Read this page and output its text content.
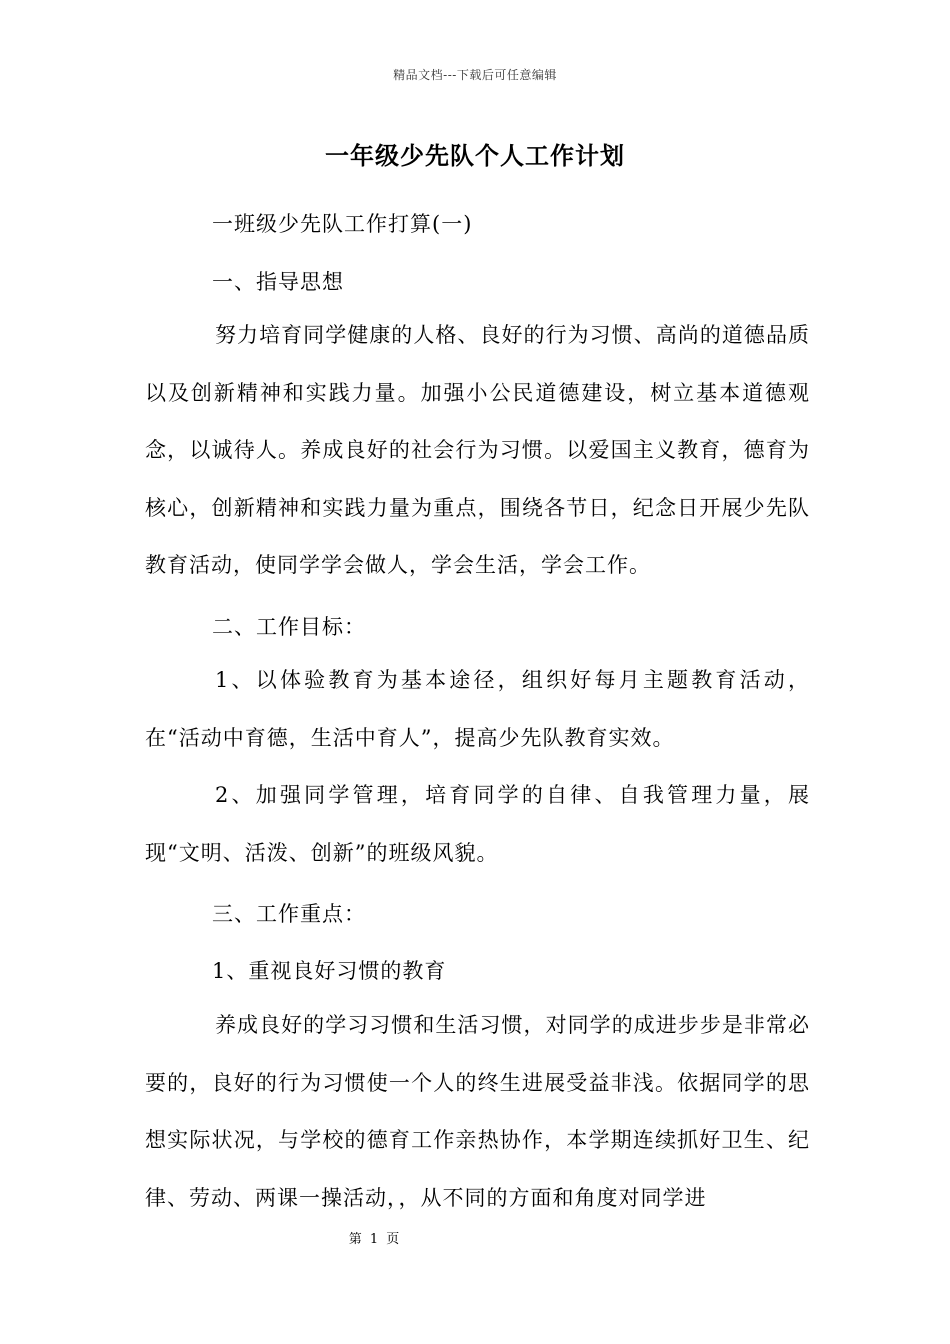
精品文档---下载后可任意编辑
一年级少先队个人工作计划
一班级少先队工作打算(一)
一、指导思想
努力培育同学健康的人格、良好的行为习惯、高尚的道德品质以及创新精神和实践力量。加强小公民道德建设，树立基本道德观念，以诚待人。养成良好的社会行为习惯。以爱国主义教育，德育为核心，创新精神和实践力量为重点，围绕各节日，纪念日开展少先队教育活动，使同学学会做人，学会生活，学会工作。
二、工作目标：
1、以体验教育为基本途径，组织好每月主题教育活动，在“活动中育德，生活中育人”，提高少先队教育实效。
2、加强同学管理，培育同学的自律、自我管理力量，展现“文明、活泼、创新”的班级风貌。
三、工作重点：
1、重视良好习惯的教育
养成良好的学习习惯和生活习惯，对同学的成进步步是非常必要的，良好的行为习惯使一个人的终生进展受益非浅。依据同学的思想实际状况，与学校的德育工作亲热协作，本学期连续抓好卫生、纪律、劳动、两课一操活动，，从不同的方面和角度对同学进
第 1 页
